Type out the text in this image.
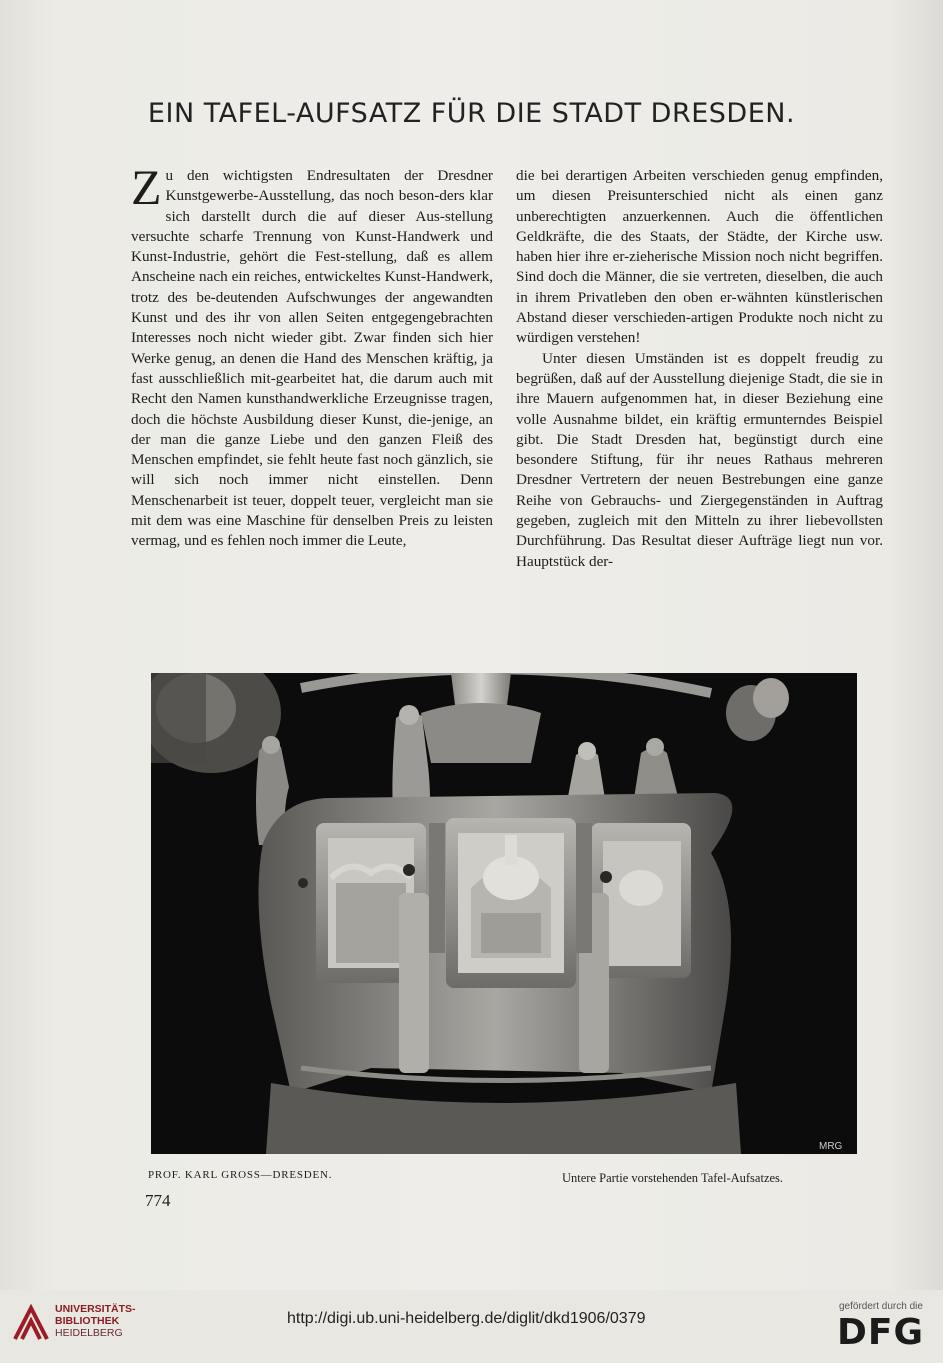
EIN TAFEL-AUFSATZ FÜR DIE STADT DRESDEN.

Zu den wichtigsten Endresultaten der Dresdner Kunstgewerbe-Ausstellung, das noch beson-ders klar sich darstellt durch die auf dieser Aus-stellung versuchte scharfe Trennung von Kunst-Handwerk und Kunst-Industrie, gehört die Fest-stellung, daß es allem Anscheine nach ein reiches, entwickeltes Kunst-Handwerk, trotz des be-deutenden Aufschwunges der angewandten Kunst und des ihr von allen Seiten entgegengebrachten Interesses noch nicht wieder gibt. Zwar finden sich hier Werke genug, an denen die Hand des Menschen kräftig, ja fast ausschließlich mit-gearbeitet hat, die darum auch mit Recht den Namen kunsthandwerkliche Erzeugnisse tragen, doch die höchste Ausbildung dieser Kunst, die-jenige, an der man die ganze Liebe und den ganzen Fleiß des Menschen empfindet, sie fehlt heute fast noch gänzlich, sie will sich noch immer nicht einstellen. Denn Menschenarbeit ist teuer, doppelt teuer, vergleicht man sie mit dem was eine Maschine für denselben Preis zu leisten vermag, und es fehlen noch immer die Leute,

die bei derartigen Arbeiten verschieden genug empfinden, um diesen Preisunterschied nicht als einen ganz unberechtigten anzuerkennen. Auch die öffentlichen Geldkräfte, die des Staats, der Städte, der Kirche usw. haben hier ihre er-zieherische Mission noch nicht begriffen. Sind doch die Männer, die sie vertreten, dieselben, die auch in ihrem Privatleben den oben er-wähnten künstlerischen Abstand dieser verschieden-artigen Produkte noch nicht zu würdigen verstehen!

Unter diesen Umständen ist es doppelt freudig zu begrüßen, daß auf der Ausstellung diejenige Stadt, die sie in ihre Mauern aufgenommen hat, in dieser Beziehung eine volle Ausnahme bildet, ein kräftig ermunterndes Beispiel gibt. Die Stadt Dresden hat, begünstigt durch eine besondere Stiftung, für ihr neues Rathaus mehreren Dresdner Vertretern der neuen Bestrebungen eine ganze Reihe von Gebrauchs- und Ziergegenständen in Auftrag gegeben, zugleich mit den Mitteln zu ihrer liebevollsten Durchführung. Das Resultat dieser Aufträge liegt nun vor. Hauptstück der-

MRG
PROF. KARL GROSS—DRESDEN.	Untere Partie vorstehenden Tafel-Aufsatzes.
774
UNIVERSITÄTS-
BIBLIOTHEK
HEIDELBERG
http://digi.ub.uni-heidelberg.de/diglit/dkd1906/0379
gefördert durch die
DFG
